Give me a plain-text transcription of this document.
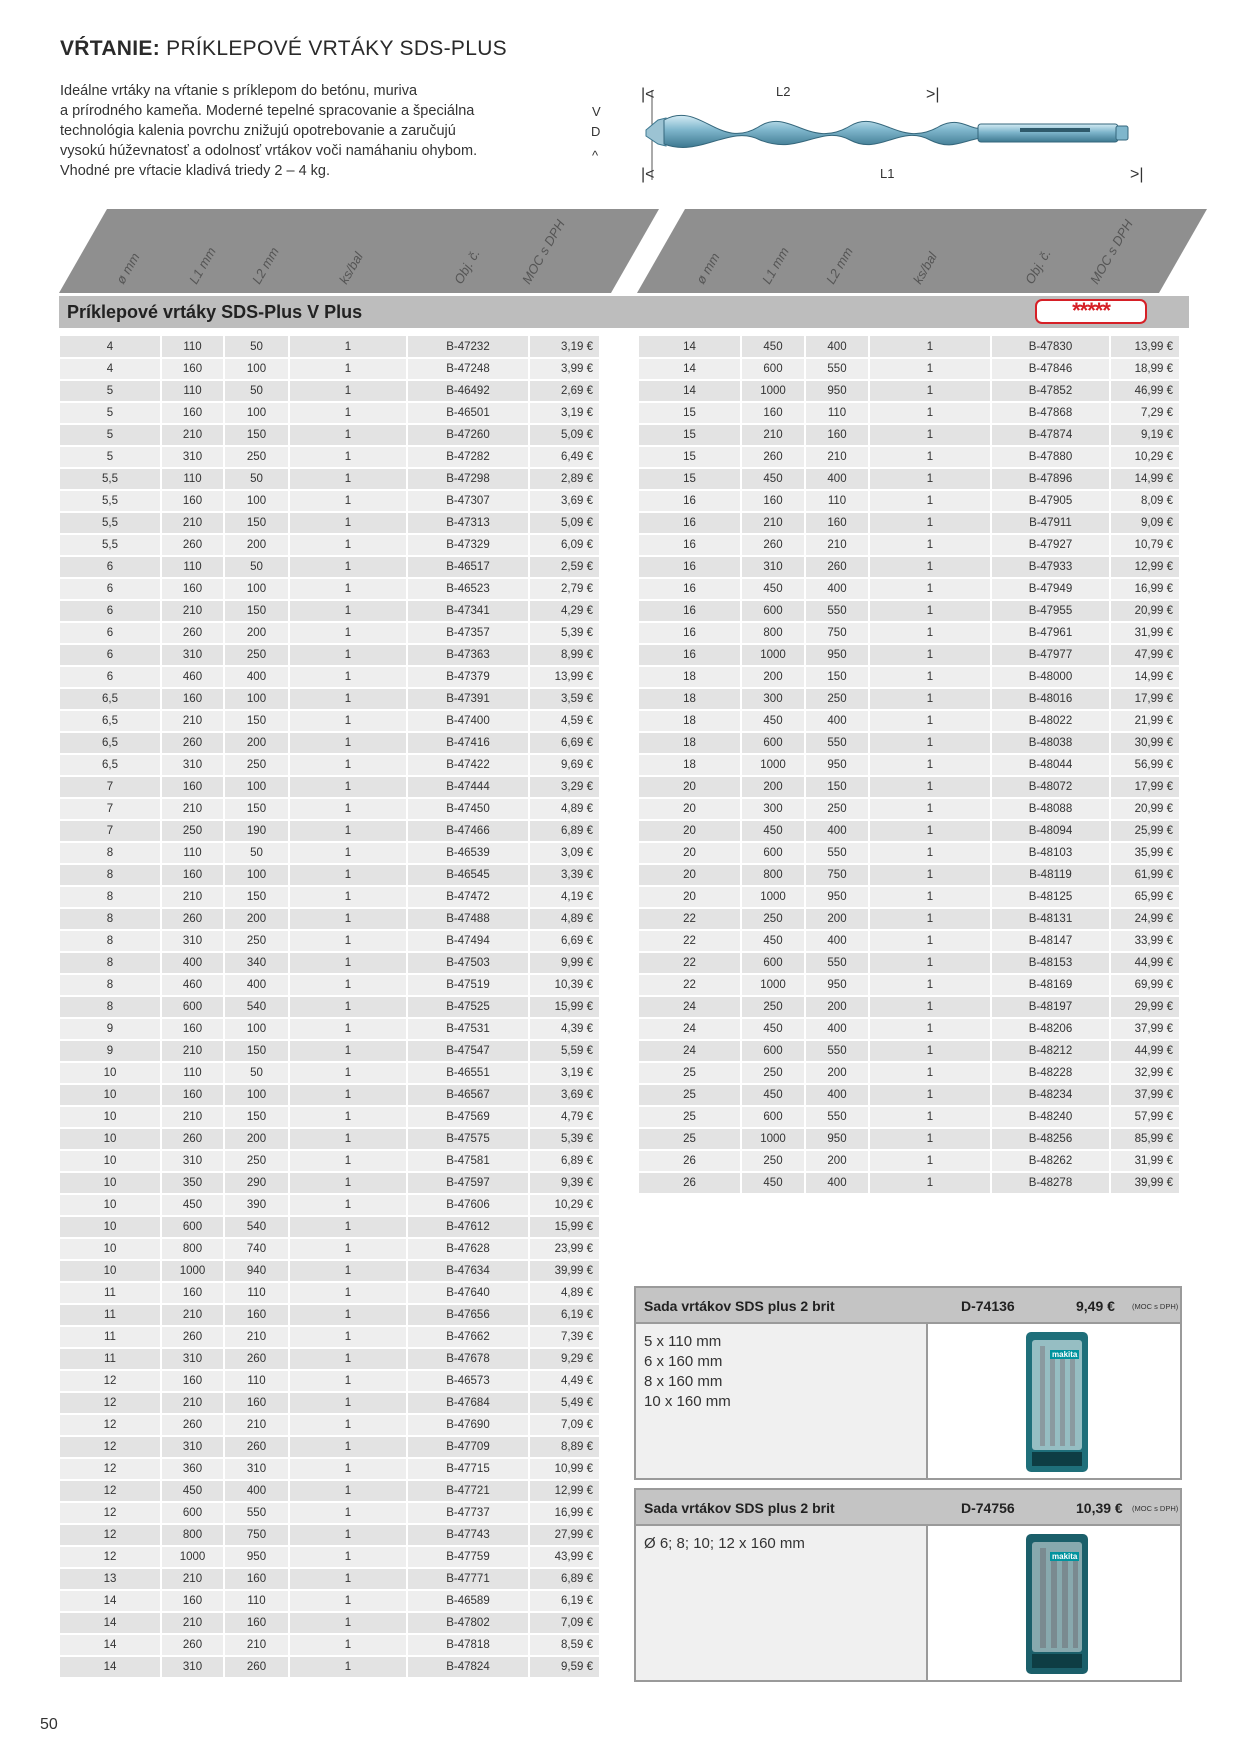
VŔTANIE: PRÍKLEPOVÉ VRTÁKY SDS-PLUS
Ideálne vrtáky na vŕtanie s príklepom do betónu, muriva
a prírodného kameňa. Moderné tepelné spracovanie a špeciálna
technológia kalenia povrchu znižujú opotrebovanie a zaručujú
vysokú húževnatosť a odolnosť vrtákov voči namáhaniu ohybom.
Vhodné pre vŕtacie kladivá triedy 2 – 4 kg.
V
D
^
|<	L2	>|
|<	L1	>|
ø mm	L1 mm L2 mm	ks/bal	Obj. č.	MOC s DPH	ø mm	L1 mm L2 mm	ks/bal	Obj. č.	MOC s DPH
Príklepové vrtáky SDS-Plus V Plus	*****
4	110	50	1	B-47232	3,19 €
4	160	100	1	B-47248	3,99 €
5	110	50	1	B-46492	2,69 €
5	160	100	1	B-46501	3,19 €
5	210	150	1	B-47260	5,09 €
5	310	250	1	B-47282	6,49 €
5,5	110	50	1	B-47298	2,89 €
5,5	160	100	1	B-47307	3,69 €
5,5	210	150	1	B-47313	5,09 €
5,5	260	200	1	B-47329	6,09 €
6	110	50	1	B-46517	2,59 €
6	160	100	1	B-46523	2,79 €
6	210	150	1	B-47341	4,29 €
6	260	200	1	B-47357	5,39 €
6	310	250	1	B-47363	8,99 €
6	460	400	1	B-47379	13,99 €
6,5	160	100	1	B-47391	3,59 €
6,5	210	150	1	B-47400	4,59 €
6,5	260	200	1	B-47416	6,69 €
6,5	310	250	1	B-47422	9,69 €
7	160	100	1	B-47444	3,29 €
7	210	150	1	B-47450	4,89 €
7	250	190	1	B-47466	6,89 €
8	110	50	1	B-46539	3,09 €
8	160	100	1	B-46545	3,39 €
8	210	150	1	B-47472	4,19 €
8	260	200	1	B-47488	4,89 €
8	310	250	1	B-47494	6,69 €
8	400	340	1	B-47503	9,99 €
8	460	400	1	B-47519	10,39 €
8	600	540	1	B-47525	15,99 €
9	160	100	1	B-47531	4,39 €
9	210	150	1	B-47547	5,59 €
10	110	50	1	B-46551	3,19 €
10	160	100	1	B-46567	3,69 €
10	210	150	1	B-47569	4,79 €
10	260	200	1	B-47575	5,39 €
10	310	250	1	B-47581	6,89 €
10	350	290	1	B-47597	9,39 €
10	450	390	1	B-47606	10,29 €
10	600	540	1	B-47612	15,99 €
10	800	740	1	B-47628	23,99 €
10	1000	940	1	B-47634	39,99 €
11	160	110	1	B-47640	4,89 €
11	210	160	1	B-47656	6,19 €
11	260	210	1	B-47662	7,39 €
11	310	260	1	B-47678	9,29 €
12	160	110	1	B-46573	4,49 €
12	210	160	1	B-47684	5,49 €
12	260	210	1	B-47690	7,09 €
12	310	260	1	B-47709	8,89 €
12	360	310	1	B-47715	10,99 €
12	450	400	1	B-47721	12,99 €
12	600	550	1	B-47737	16,99 €
12	800	750	1	B-47743	27,99 €
12	1000	950	1	B-47759	43,99 €
13	210	160	1	B-47771	6,89 €
14	160	110	1	B-46589	6,19 €
14	210	160	1	B-47802	7,09 €
14	260	210	1	B-47818	8,59 €
14	310	260	1	B-47824	9,59 €
14	450	400	1	B-47830	13,99 €
14	600	550	1	B-47846	18,99 €
14	1000	950	1	B-47852	46,99 €
15	160	110	1	B-47868	7,29 €
15	210	160	1	B-47874	9,19 €
15	260	210	1	B-47880	10,29 €
15	450	400	1	B-47896	14,99 €
16	160	110	1	B-47905	8,09 €
16	210	160	1	B-47911	9,09 €
16	260	210	1	B-47927	10,79 €
16	310	260	1	B-47933	12,99 €
16	450	400	1	B-47949	16,99 €
16	600	550	1	B-47955	20,99 €
16	800	750	1	B-47961	31,99 €
16	1000	950	1	B-47977	47,99 €
18	200	150	1	B-48000	14,99 €
18	300	250	1	B-48016	17,99 €
18	450	400	1	B-48022	21,99 €
18	600	550	1	B-48038	30,99 €
18	1000	950	1	B-48044	56,99 €
20	200	150	1	B-48072	17,99 €
20	300	250	1	B-48088	20,99 €
20	450	400	1	B-48094	25,99 €
20	600	550	1	B-48103	35,99 €
20	800	750	1	B-48119	61,99 €
20	1000	950	1	B-48125	65,99 €
22	250	200	1	B-48131	24,99 €
22	450	400	1	B-48147	33,99 €
22	600	550	1	B-48153	44,99 €
22	1000	950	1	B-48169	69,99 €
24	250	200	1	B-48197	29,99 €
24	450	400	1	B-48206	37,99 €
24	600	550	1	B-48212	44,99 €
25	250	200	1	B-48228	32,99 €
25	450	400	1	B-48234	37,99 €
25	600	550	1	B-48240	57,99 €
25	1000	950	1	B-48256	85,99 €
26	250	200	1	B-48262	31,99 €
26	450	400	1	B-48278	39,99 €
Sada vrtákov SDS plus 2 brit	D-74136	9,49 € (MOC s DPH)
5 x 110 mm
6 x 160 mm
8 x 160 mm
10 x 160 mm
makita
Sada vrtákov SDS plus 2 brit	D-74756	10,39 € (MOC s DPH)
Ø 6; 8; 10; 12 x 160 mm
makita
50
